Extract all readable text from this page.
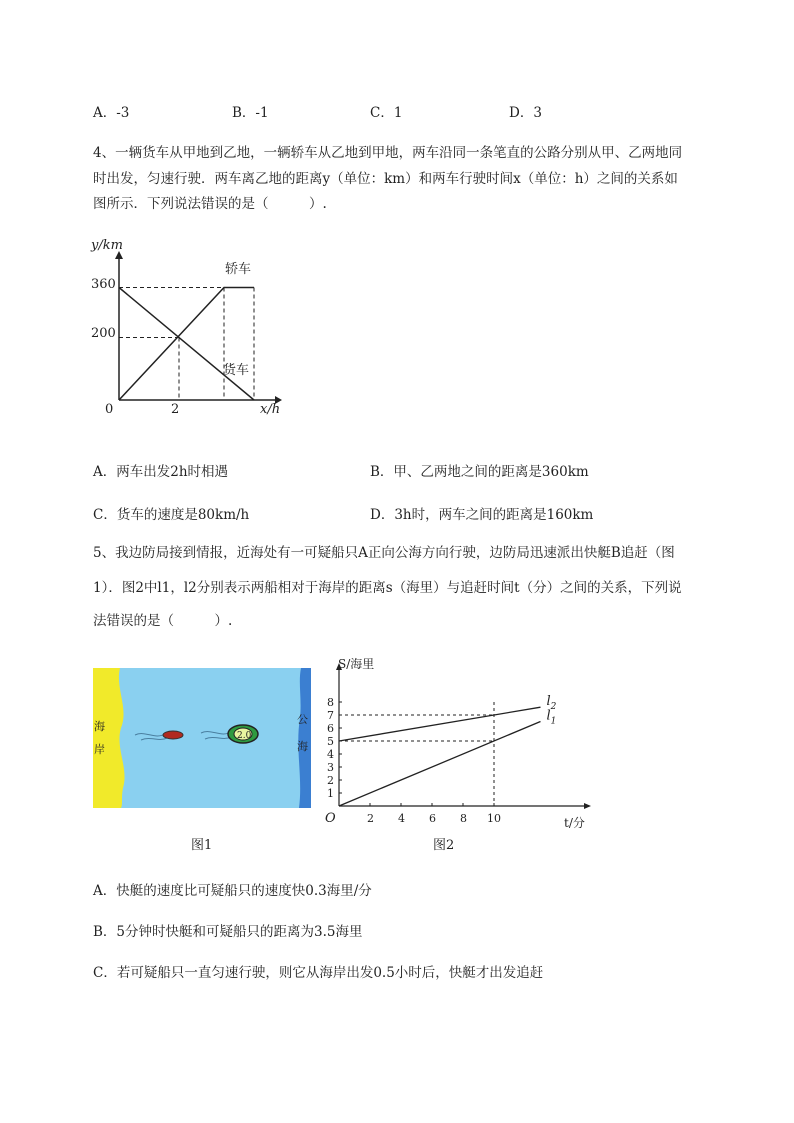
A．-3	B．-1	C．1	D．3
4、一辆货车从甲地到乙地，一辆轿车从乙地到甲地，两车沿同一条笔直的公路分别从甲、乙两地同
时出发，匀速行驶．两车离乙地的距离y（单位：km）和两车行驶时间x（单位：h）之间的关系如
图所示．下列说法错误的是（　　　）.
y/km
x/h
0
360
200
2
轿车
货车
A．两车出发2h时相遇	B．甲、乙两地之间的距离是360km
C．货车的速度是80km/h	D．3h时，两车之间的距离是160km
5、我边防局接到情报，近海处有一可疑船只A正向公海方向行驶，边防局迅速派出快艇B追赶（图
1）．图2中l1，l2分别表示两船相对于海岸的距离s（海里）与追赶时间t（分）之间的关系，下列说
法错误的是（　　　）.
海
岸
公
海
2.0
图1
2 4 6 8 10
1
2
3
4
5
6
7
8	$l_2$
$l_1$
S/海里
t/分
O
图2
A．快艇的速度比可疑船只的速度快0.3海里/分
B．5分钟时快艇和可疑船只的距离为3.5海里
C．若可疑船只一直匀速行驶，则它从海岸出发0.5小时后，快艇才出发追赶
